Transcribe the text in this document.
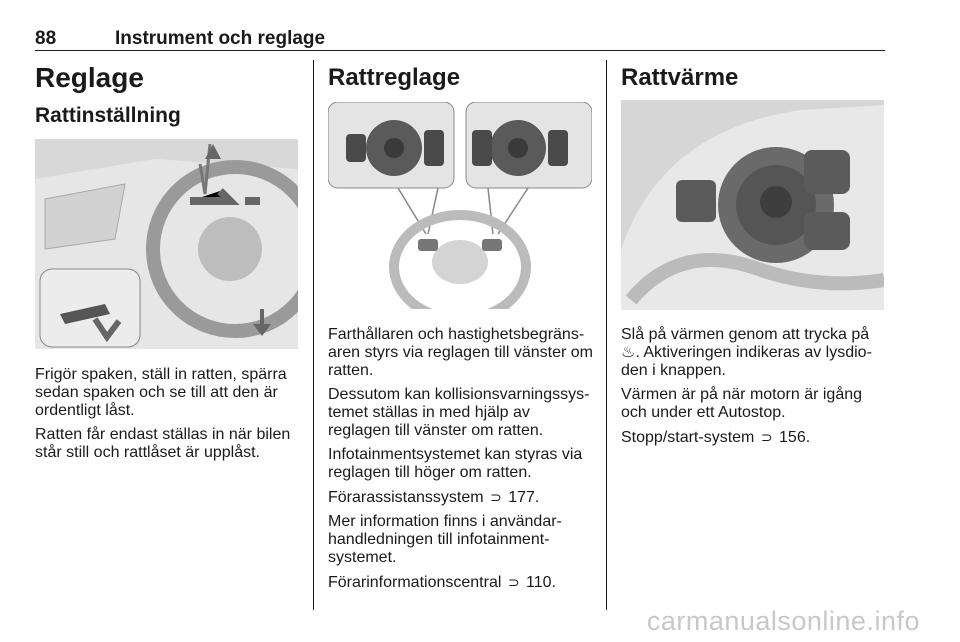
88	Instrument och reglage
Reglage
Rattinställning

Frigör spaken, ställ in ratten, spärra sedan spaken och se till att den är ordentligt låst.

Ratten får endast ställas in när bilen står still och rattlåset är upplåst.

Rattreglage

Farthållaren och hastighetsbegräns- aren styrs via reglagen till vänster om ratten.

Dessutom kan kollisionsvarningssys- temet ställas in med hjälp av reglagen till vänster om ratten.

Infotainmentsystemet kan styras via reglagen till höger om ratten.

Förarassistanssystem ⊃ 177.

Mer information finns i användar- handledningen till infotainment- systemet.

Förarinformationscentral ⊃ 110.

Rattvärme

Slå på värmen genom att trycka på ♨. Aktiveringen indikeras av lysdio- den i knappen.

Värmen är på när motorn är igång och under ett Autostop.

Stopp/start-system ⊃ 156.

carmanualsonline.info
